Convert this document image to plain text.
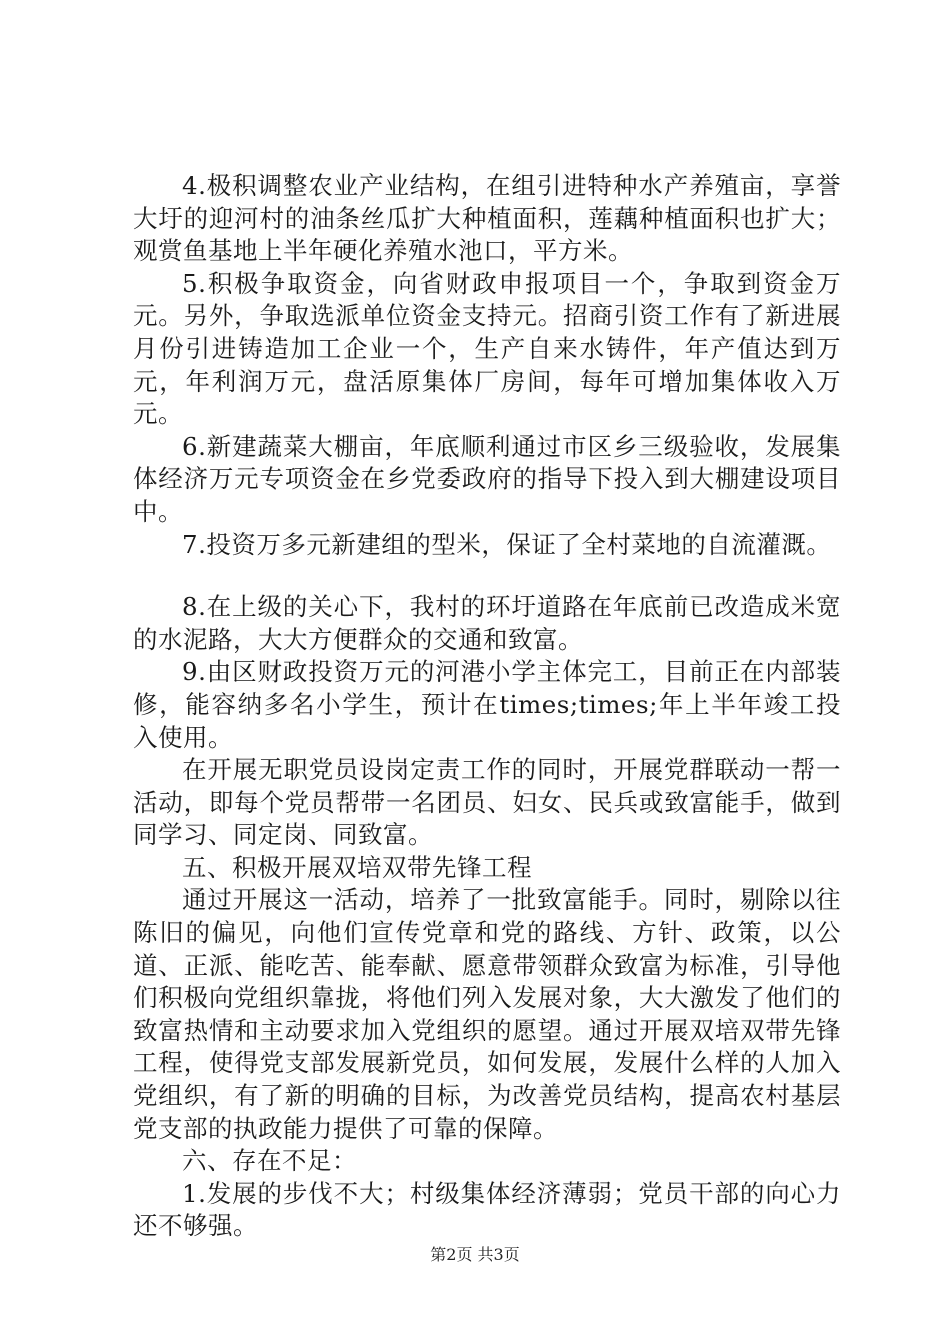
4.极积调整农业产业结构，在组引进特种水产养殖亩，享誉大圩的迎河村的油条丝瓜扩大种植面积，莲藕种植面积也扩大；观赏鱼基地上半年硬化养殖水池口，平方米。

5.积极争取资金，向省财政申报项目一个，争取到资金万元。另外，争取选派单位资金支持元。招商引资工作有了新进展月份引进铸造加工企业一个，生产自来水铸件，年产值达到万元，年利润万元，盘活原集体厂房间，每年可增加集体收入万元。

6.新建蔬菜大棚亩，年底顺利通过市区乡三级验收，发展集体经济万元专项资金在乡党委政府的指导下投入到大棚建设项目中。

7.投资万多元新建组的型米，保证了全村菜地的自流灌溉。

8.在上级的关心下，我村的环圩道路在年底前已改造成米宽的水泥路，大大方便群众的交通和致富。

9.由区财政投资万元的河港小学主体完工，目前正在内部装修，能容纳多名小学生，预计在times;times;年上半年竣工投入使用。

在开展无职党员设岗定责工作的同时，开展党群联动一帮一活动，即每个党员帮带一名团员、妇女、民兵或致富能手，做到同学习、同定岗、同致富。

五、积极开展双培双带先锋工程

通过开展这一活动，培养了一批致富能手。同时，剔除以往陈旧的偏见，向他们宣传党章和党的路线、方针、政策，以公道、正派、能吃苦、能奉献、愿意带领群众致富为标准，引导他们积极向党组织靠拢，将他们列入发展对象，大大激发了他们的致富热情和主动要求加入党组织的愿望。通过开展双培双带先锋工程，使得党支部发展新党员，如何发展，发展什么样的人加入党组织，有了新的明确的目标，为改善党员结构，提高农村基层党支部的执政能力提供了可靠的保障。

六、存在不足：

1.发展的步伐不大；村级集体经济薄弱；党员干部的向心力还不够强。

第2页 共3页
